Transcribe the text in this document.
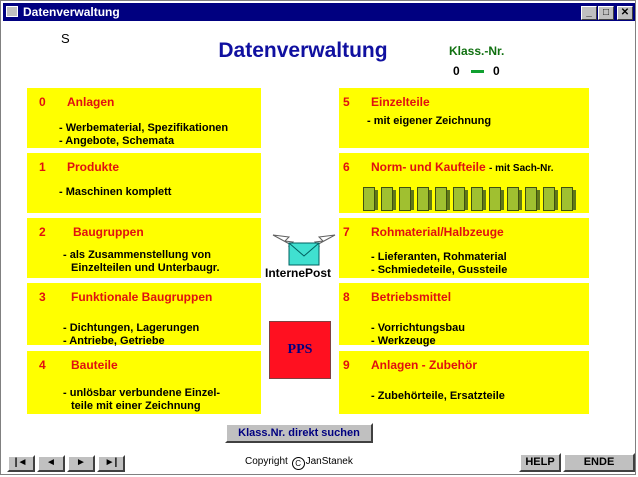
Datenverwaltung	_	□	✕
S
Datenverwaltung	Klass.-Nr.
0	0
0 Anlagen
- Werbematerial, Spezifikationen
- Angebote, Schemata
1 Produkte
- Maschinen komplett
2 Baugruppen
- als Zusammenstellung von
Einzelteilen und Unterbaugr.
3 Funktionale Baugruppen
- Dichtungen, Lagerungen
- Antriebe, Getriebe
4 Bauteile
- unlösbar verbundene Einzel-
teile mit einer Zeichnung
5 Einzelteile
- mit eigener Zeichnung
6 Norm- und Kaufteile - mit Sach-Nr.
7 Rohmaterial/Halbzeuge
- Lieferanten, Rohmaterial
- Schmiedeteile, Gussteile
8 Betriebsmittel
- Vorrichtungsbau
- Werkzeuge
9 Anlagen - Zubehör
- Zubehörteile, Ersatzteile
InternePost
PPS
Klass.Nr. direkt suchen
|◄	◄	►	►|	Copyright C JanStanek	HELP	ENDE
